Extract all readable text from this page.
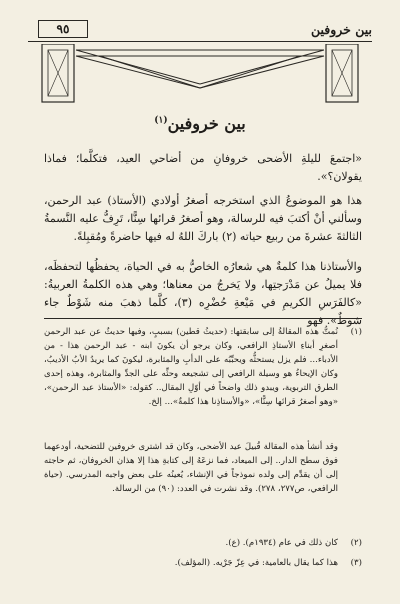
٩٥	بين خروفين
بين خروفين$^{(١)}$
«اجتمعَ لليلةِ الأضحى خروفانِ من أضاحي العيد، فتكلَّما؛ فماذا يقولان؟».
هذا هو الموضوعُ الذي استخرجه أصغرُ أولادي (الأستاذ) عبد الرحمن، وسألني أنْ أكتبَ فيه للرسالة، وهو أصغرُ قرائها سِنًّا، تَرِفُّ عليه النَّسمةُ الثالثةَ عشرةَ من ربيع حياته (٢) باركَ اللهُ له فيها حاضرةً ومُقبِلةً.
والأستاذنا هذا كلمةٌ هي شعارُه الخاصُّ به في الحياة، يحفظُها لتحفظَه، فلا يميلُ عن مَدْرَجتِها، ولا يَخرجُ من معناها؛ وهي هذه الكلمةُ العربيةُ: «كالفَرَسِ الكريمِ في مَيْعةِ حُضْرِه (٣)، كلَّما ذهبَ منه شَوْطٌ جاء شوطٌ». فهو
(١)
نُمتُّ هذه المقالةُ إلى سابقتها: (حديثُ قطين) بسببٍ، وفيها حديثٌ عن عبد الرحمن أصغرِ أبناءِ الأستاذِ الرافعي، وكان يرجو أن يكونَ ابنه - عبد الرحمن هذا - من الأدباء... فلم يزل يستحثُّه ويحبِّبُه على الدأبِ والمثابرة، ليكونَ كما يريدُ الأبُ الأديبُ، وكان الإيحاءُ هو وسيلة الرافعي إلى تشجيعه وحثِّه على الجدِّ والمثابرة، وهذه إحدى الطرق التربوية، ويبدو ذلك واضحاً في أوّلِ المقال.. كقوله: «الأستاذ عبد الرحمن»، «وهو أصغرُ قرائها سِنًّا»، «والأستاذِنا هذا كلمةٌ»... إلخ.
وقد أنشأ هذه المقالة قُبيلَ عيد الأضحى، وكان قد اشترى خروفين للتضحية، أودعهما فوق سطح الدار.. إلى الميعاد، فما نزعَهُ إلى كتابةِ هذا إلا هذان الخروفان، ثم حاجته إلى أن يقدِّم إلى ولده نموذجاً في الإنشاء، يُعينُه على بعض واجبه المدرسي. (حياة الرافعي، ص٢٧٧، ٢٧٨). وقد نشرت في العدد: (٩٠) من الرسالة.
(٢)
كان ذلك في عام (١٩٣٤م). (ع).
(٣)
هذا كما يقال بالعامية: في عِزّ جَرْيه. (المؤلف).
